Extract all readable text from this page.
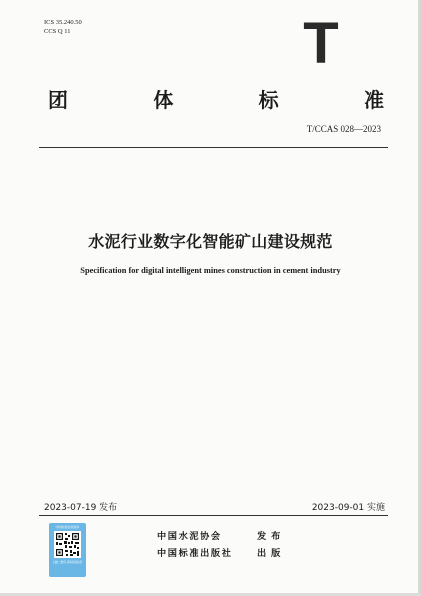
ICS 35.240.50
CCS Q 11	T
团	体	标	准
T/CCAS 028—2023
水泥行业数字化智能矿山建设规范
Specification for digital intelligent mines construction in cement industry
2023-07-19 发布	2023-09-01 实施
中国标准信息服务
扫描二维码 获取标准信息
中国水泥协会	发布
中国标准出版社	出版
